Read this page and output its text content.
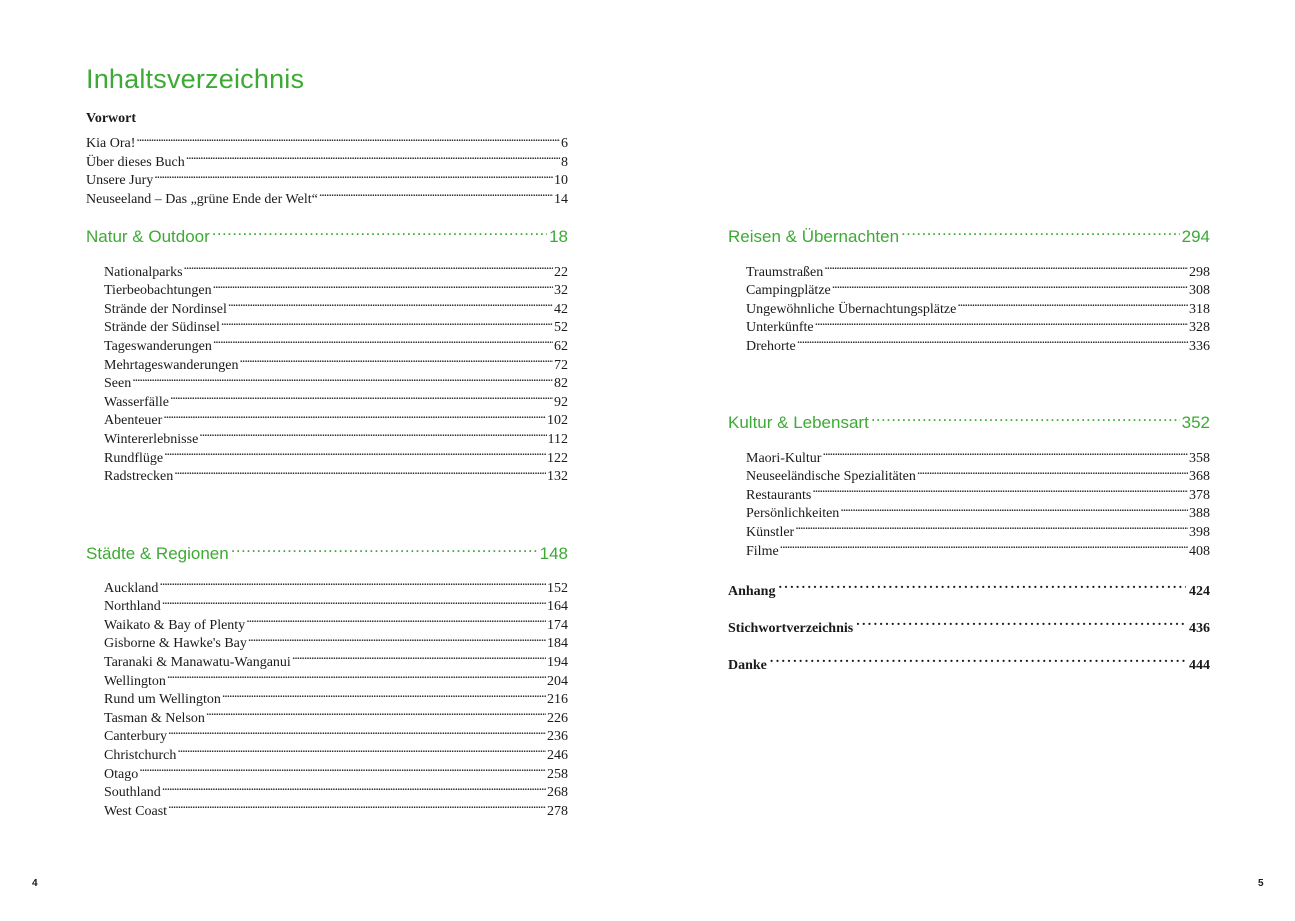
Inhaltsverzeichnis
Vorwort
Kia Ora! . . .	6
Über dieses Buch . . .	8
Unsere Jury . . .	10
Neuseeland – Das „grüne Ende der Welt“ . . .	14
Natur & Outdoor .....	18
Nationalparks . . .	22
Tierbeobachtungen . . .	32
Strände der Nordinsel . . .	42
Strände der Südinsel . . .	52
Tageswanderungen . . .	62
Mehrtageswanderungen . . .	72
Seen . . .	82
Wasserfälle . . .	92
Abenteuer . . .	102
Wintererlebnisse . . .	112
Rundflüge . . .	122
Radstrecken . . .	132
Städte & Regionen .....	148
Auckland . . .	152
Northland . . .	164
Waikato & Bay of Plenty . . .	174
Gisborne & Hawke's Bay . . .	184
Taranaki & Manawatu-Wanganui . . .	194
Wellington . . .	204
Rund um Wellington . . .	216
Tasman & Nelson . . .	226
Canterbury . . .	236
Christchurch . . .	246
Otago . . .	258
Southland . . .	268
West Coast . . .	278
Reisen & Übernachten .....	294
Traumstraßen . . .	298
Campingplätze . . .	308
Ungewöhnliche Übernachtungsplätze . . .	318
Unterkünfte . . .	328
Drehorte . . .	336
Kultur & Lebensart .....	352
Maori-Kultur . . .	358
Neuseeländische Spezialitäten . . .	368
Restaurants . . .	378
Persönlichkeiten . . .	388
Künstler . . .	398
Filme . . .	408
Anhang . . .	424
Stichwortverzeichnis . . .	436
Danke . . .	444
4	5
